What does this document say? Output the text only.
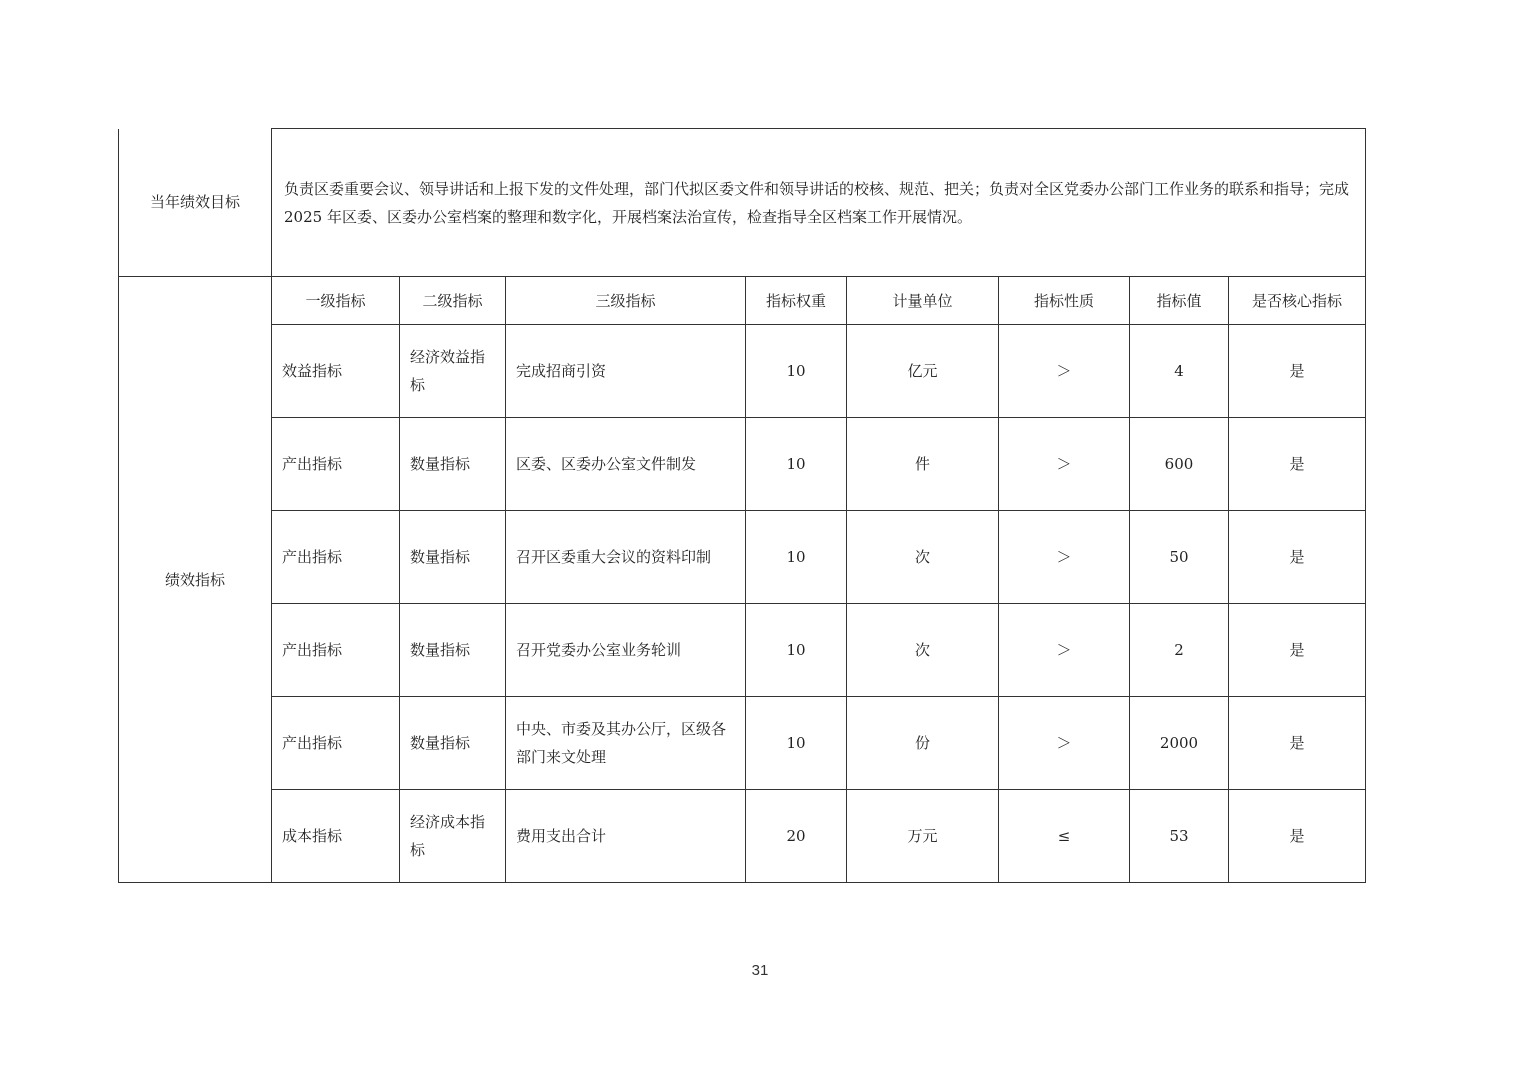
当年绩效目标	负责区委重要会议、领导讲话和上报下发的文件处理，部门代拟区委文件和领导讲话的校核、规范、把关；负责对全区党委办公部门工作业务的联系和指导；完成 2025 年区委、区委办公室档案的整理和数字化，开展档案法治宣传，检查指导全区档案工作开展情况。							
绩效指标	一级指标	二级指标	三级指标	指标权重	计量单位	指标性质	指标值	是否核心指标
	效益指标	经济效益指标	完成招商引资	10	亿元	＞	4	是
	产出指标	数量指标	区委、区委办公室文件制发	10	件	＞	600	是
	产出指标	数量指标	召开区委重大会议的资料印制	10	次	＞	50	是
	产出指标	数量指标	召开党委办公室业务轮训	10	次	＞	2	是
	产出指标	数量指标	中央、市委及其办公厅，区级各部门来文处理	10	份	＞	2000	是
	成本指标	经济成本指标	费用支出合计	20	万元	≤	53	是
31
